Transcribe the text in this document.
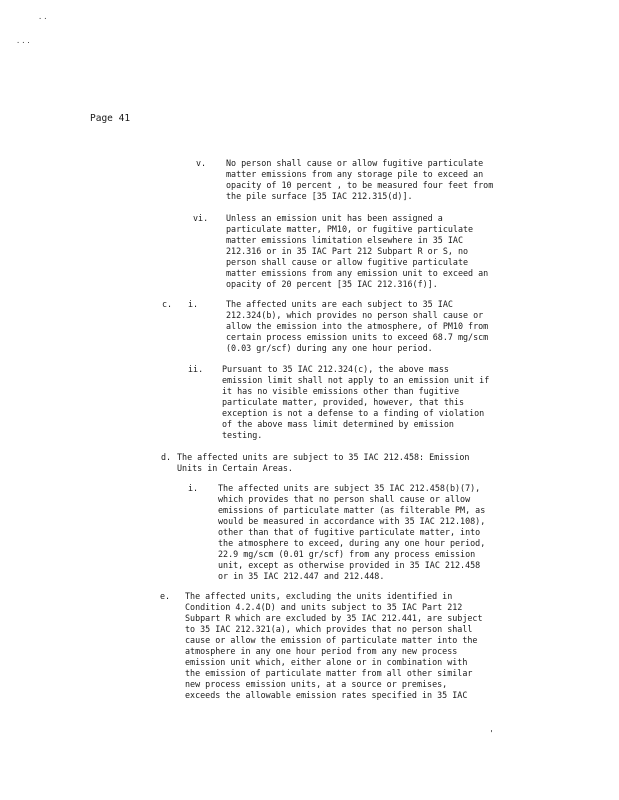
..
...
Page 41
v. No person shall cause or allow fugitive particulate
matter emissions from any storage pile to exceed an
opacity of 10 percent , to be measured four feet from
the pile surface [35 IAC 212.315(d)].
vi. Unless an emission unit has been assigned a
particulate matter, PM10, or fugitive particulate
matter emissions limitation elsewhere in 35 IAC
212.316 or in 35 IAC Part 212 Subpart R or S, no
person shall cause or allow fugitive particulate
matter emissions from any emission unit to exceed an
opacity of 20 percent [35 IAC 212.316(f)].
c. i.	The affected units are each subject to 35 IAC
212.324(b), which provides no person shall cause or
allow the emission into the atmosphere, of PM10 from
certain process emission units to exceed 68.7 mg/scm
(0.03 gr/scf) during any one hour period.
ii. Pursuant to 35 IAC 212.324(c), the above mass
emission limit shall not apply to an emission unit if
it has no visible emissions other than fugitive
particulate matter, provided, however, that this
exception is not a defense to a finding of violation
of the above mass limit determined by emission
testing.
d. The affected units are subject to 35 IAC 212.458: Emission
Units in Certain Areas.
i. The affected units are subject 35 IAC 212.458(b)(7),
which provides that no person shall cause or allow
emissions of particulate matter (as filterable PM, as
would be measured in accordance with 35 IAC 212.108),
other than that of fugitive particulate matter, into
the atmosphere to exceed, during any one hour period,
22.9 mg/scm (0.01 gr/scf) from any process emission
unit, except as otherwise provided in 35 IAC 212.458
or in 35 IAC 212.447 and 212.448.
e. The affected units, excluding the units identified in
Condition 4.2.4(D) and units subject to 35 IAC Part 212
Subpart R which are excluded by 35 IAC 212.441, are subject
to 35 IAC 212.321(a), which provides that no person shall
cause or allow the emission of particulate matter into the
atmosphere in any one hour period from any new process
emission unit which, either alone or in combination with
the emission of particulate matter from all other similar
new process emission units, at a source or premises,
exceeds the allowable emission rates specified in 35 IAC
'
